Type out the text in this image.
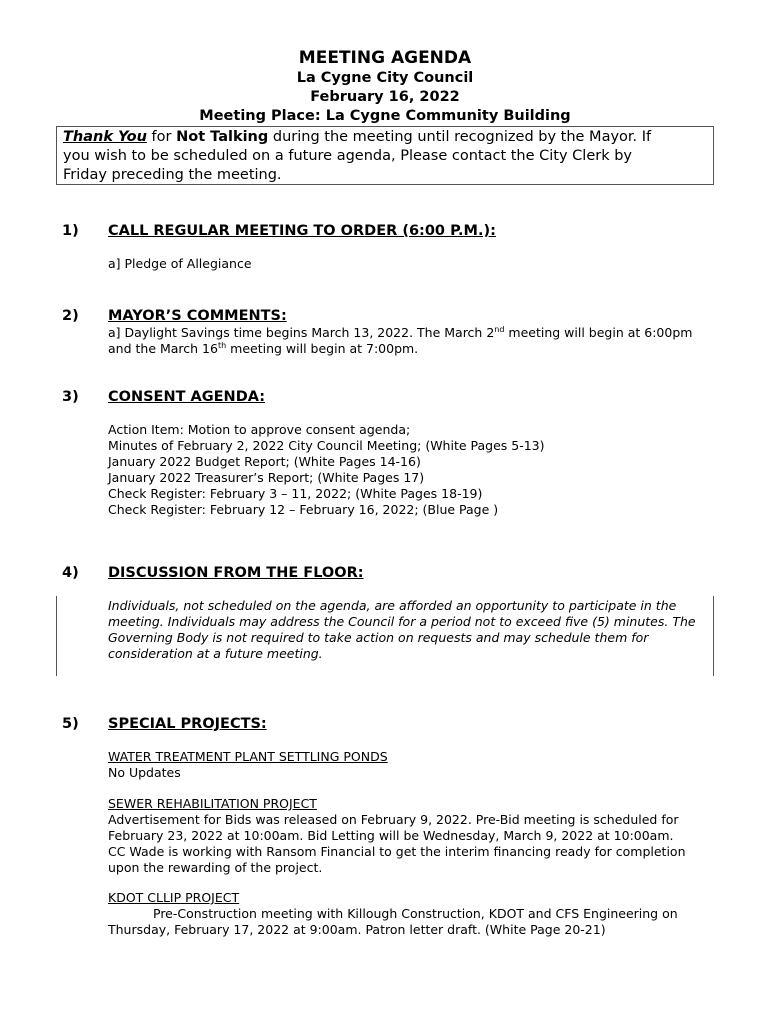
MEETING AGENDA
La Cygne City Council
February 16, 2022
Meeting Place: La Cygne Community Building
Thank You for Not Talking during the meeting until recognized by the Mayor. If
you wish to be scheduled on a future agenda, Please contact the City Clerk by
Friday preceding the meeting.
1) CALL REGULAR MEETING TO ORDER (6:00 P.M.):
a] Pledge of Allegiance
2) MAYOR’S COMMENTS:
a] Daylight Savings time begins March 13, 2022. The March 2nd meeting will begin at 6:00pm
and the March 16th meeting will begin at 7:00pm.
3) CONSENT AGENDA:
Action Item: Motion to approve consent agenda;
Minutes of February 2, 2022 City Council Meeting; (White Pages 5-13)
January 2022 Budget Report; (White Pages 14-16)
January 2022 Treasurer’s Report; (White Pages 17)
Check Register: February 3 – 11, 2022; (White Pages 18-19)
Check Register: February 12 – February 16, 2022; (Blue Page )
4) DISCUSSION FROM THE FLOOR:
Individuals, not scheduled on the agenda, are afforded an opportunity to participate in the
meeting. Individuals may address the Council for a period not to exceed five (5) minutes. The
Governing Body is not required to take action on requests and may schedule them for
consideration at a future meeting.
5) SPECIAL PROJECTS:
WATER TREATMENT PLANT SETTLING PONDS
No Updates
SEWER REHABILITATION PROJECT
Advertisement for Bids was released on February 9, 2022. Pre-Bid meeting is scheduled for
February 23, 2022 at 10:00am. Bid Letting will be Wednesday, March 9, 2022 at 10:00am.
CC Wade is working with Ransom Financial to get the interim financing ready for completion
upon the rewarding of the project.
KDOT CLLIP PROJECT
Pre-Construction meeting with Killough Construction, KDOT and CFS Engineering on
Thursday, February 17, 2022 at 9:00am. Patron letter draft. (White Page 20-21)
